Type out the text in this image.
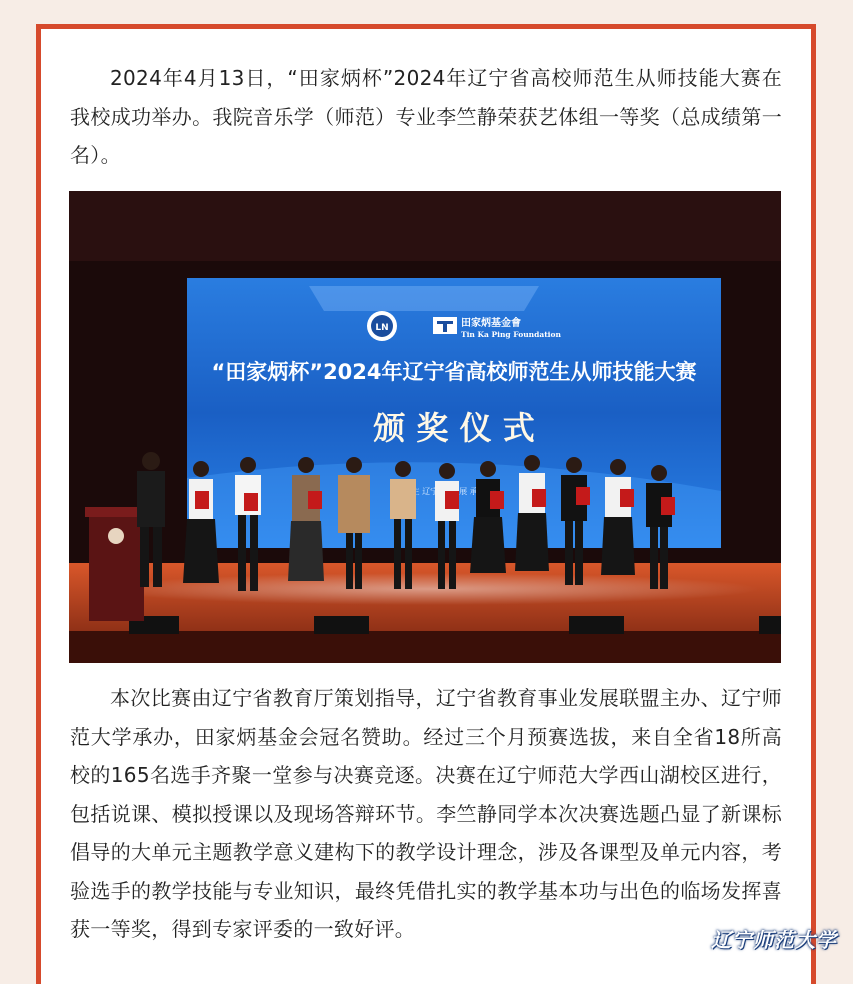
2024年4月13日，“田家炳杯”2024年辽宁省高校师范生从师技能大赛在我校成功举办。我院音乐学（师范）专业李竺静荣获艺体组一等奖（总成绩第一名）。

LN	田家炳基金會
Tin Ka Ping Foundation
“田家炳杯”2024年辽宁省高校师范生从师技能大赛
颁 奖 仪 式
辽宁 展 承

本次比赛由辽宁省教育厅策划指导，辽宁省教育事业发展联盟主办、辽宁师范大学承办，田家炳基金会冠名赞助。经过三个月预赛选拔，来自全省18所高校的165名选手齐聚一堂参与决赛竞逐。决赛在辽宁师范大学西山湖校区进行，包括说课、模拟授课以及现场答辩环节。李竺静同学本次决赛选题凸显了新课标倡导的大单元主题教学意义建构下的教学设计理念，涉及各课型及单元内容，考验选手的教学技能与专业知识，最终凭借扎实的教学基本功与出色的临场发挥喜获一等奖，得到专家评委的一致好评。	辽宁师范大学
